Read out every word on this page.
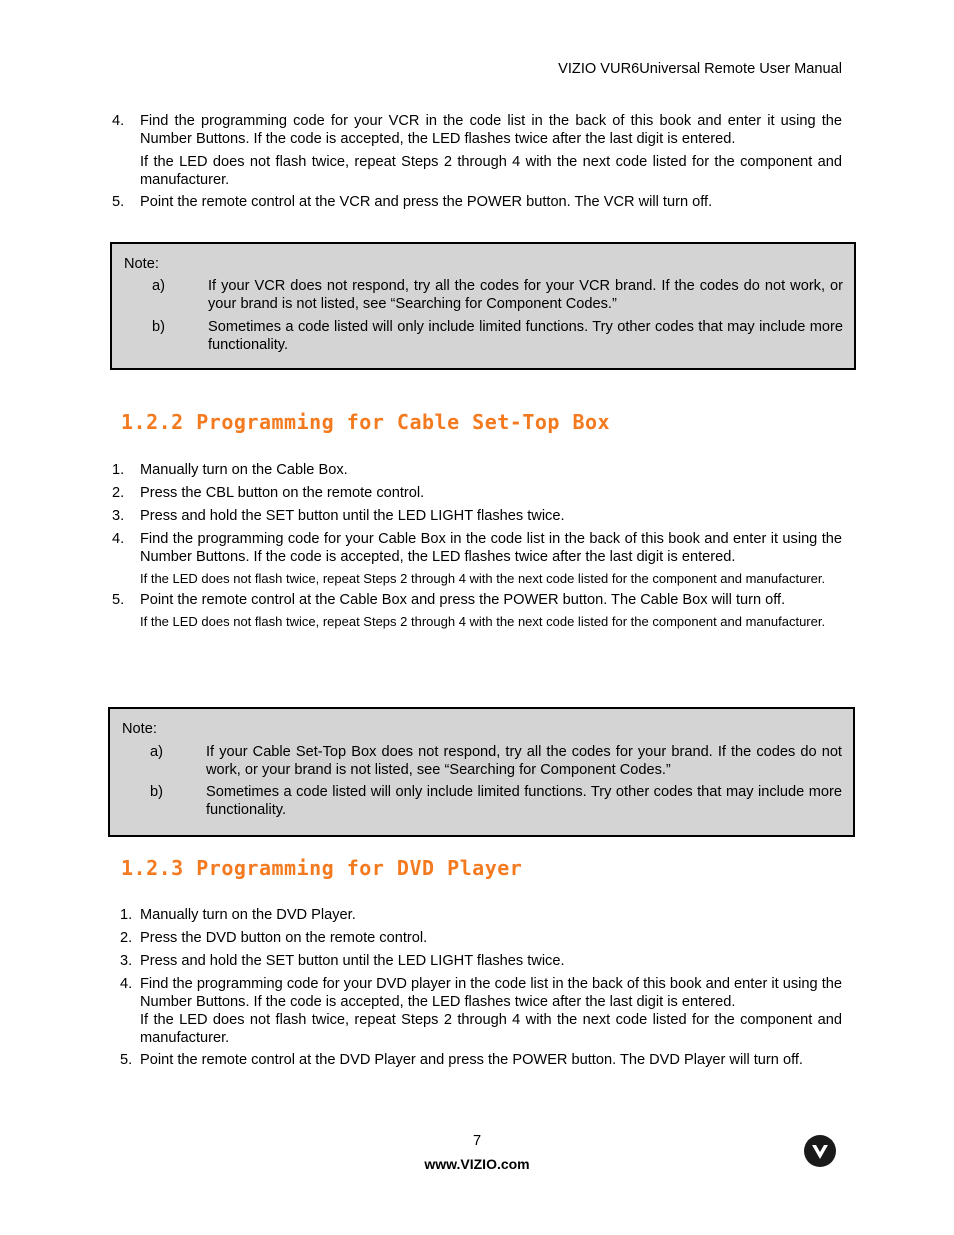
VIZIO VUR6Universal Remote User Manual
4. Find the programming code for your VCR in the code list in the back of this book and enter it using the Number Buttons. If the code is accepted, the LED flashes twice after the last digit is entered.
If the LED does not flash twice, repeat Steps 2 through 4 with the next code listed for the component and manufacturer.
5. Point the remote control at the VCR and press the POWER button. The VCR will turn off.
Note:
a)	If your VCR does not respond, try all the codes for your VCR brand. If the codes do not work, or your brand is not listed, see “Searching for Component Codes.”
b)	Sometimes a code listed will only include limited functions. Try other codes that may include more functionality.
1.2.2 Programming for Cable Set-Top Box
1. Manually turn on the Cable Box.
2. Press the CBL button on the remote control.
3. Press and hold the SET button until the LED LIGHT flashes twice.
4. Find the programming code for your Cable Box in the code list in the back of this book and enter it using the Number Buttons. If the code is accepted, the LED flashes twice after the last digit is entered.
If the LED does not flash twice, repeat Steps 2 through 4 with the next code listed for the component and manufacturer.
5. Point the remote control at the Cable Box and press the POWER button. The Cable Box will turn off.
If the LED does not flash twice, repeat Steps 2 through 4 with the next code listed for the component and manufacturer.
Note:
a)	If your Cable Set-Top Box does not respond, try all the codes for your brand. If the codes do not work, or your brand is not listed, see “Searching for Component Codes.”
b)	Sometimes a code listed will only include limited functions. Try other codes that may include more functionality.
1.2.3 Programming for DVD Player
1. Manually turn on the DVD Player.
2. Press the DVD button on the remote control.
3. Press and hold the SET button until the LED LIGHT flashes twice.
4. Find the programming code for your DVD player in the code list in the back of this book and enter it using the Number Buttons. If the code is accepted, the LED flashes twice after the last digit is entered.
If the LED does not flash twice, repeat Steps 2 through 4 with the next code listed for the component and manufacturer.
5. Point the remote control at the DVD Player and press the POWER button. The DVD Player will turn off.
7
www.VIZIO.com
